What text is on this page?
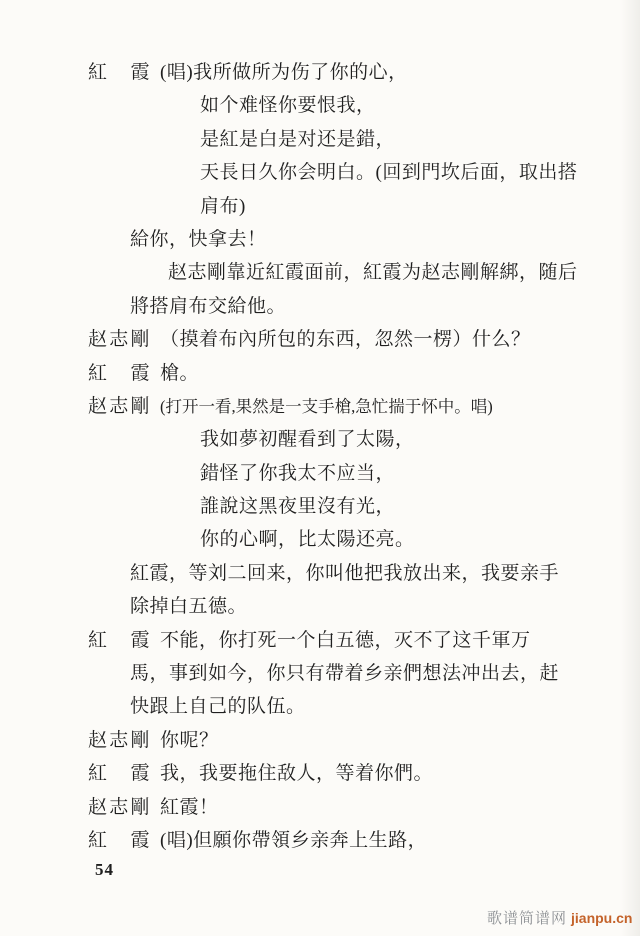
紅　霞 (唱)我所做所为伤了你的心，
如个难怪你要恨我，
是紅是白是对还是錯，
天長日久你会明白。(回到門坎后面，取出搭
肩布)
給你，快拿去！
赵志剛靠近紅霞面前，紅霞为赵志剛解綁，随后
將搭肩布交給他。
赵志剛 （摸着布內所包的东西，忽然一楞）什么？
紅　霞 槍。
赵志剛 (打开一看,果然是一支手槍,急忙揣于怀中。唱)
我如夢初醒看到了太陽，
錯怪了你我太不应当，
誰說这黑夜里沒有光，
你的心啊，比太陽还亮。
紅霞，等刘二回来，你叫他把我放出来，我要亲手
除掉白五德。
紅　霞 不能，你打死一个白五德，灭不了这千軍万
馬，事到如今，你只有帶着乡亲們想法冲出去，赶
快跟上自己的队伍。
赵志剛 你呢？
紅　霞 我，我要拖住敌人，等着你們。
赵志剛 紅霞！
紅　霞 (唱)但願你帶領乡亲奔上生路，
54
歌谱简谱网 jianpu.cn
